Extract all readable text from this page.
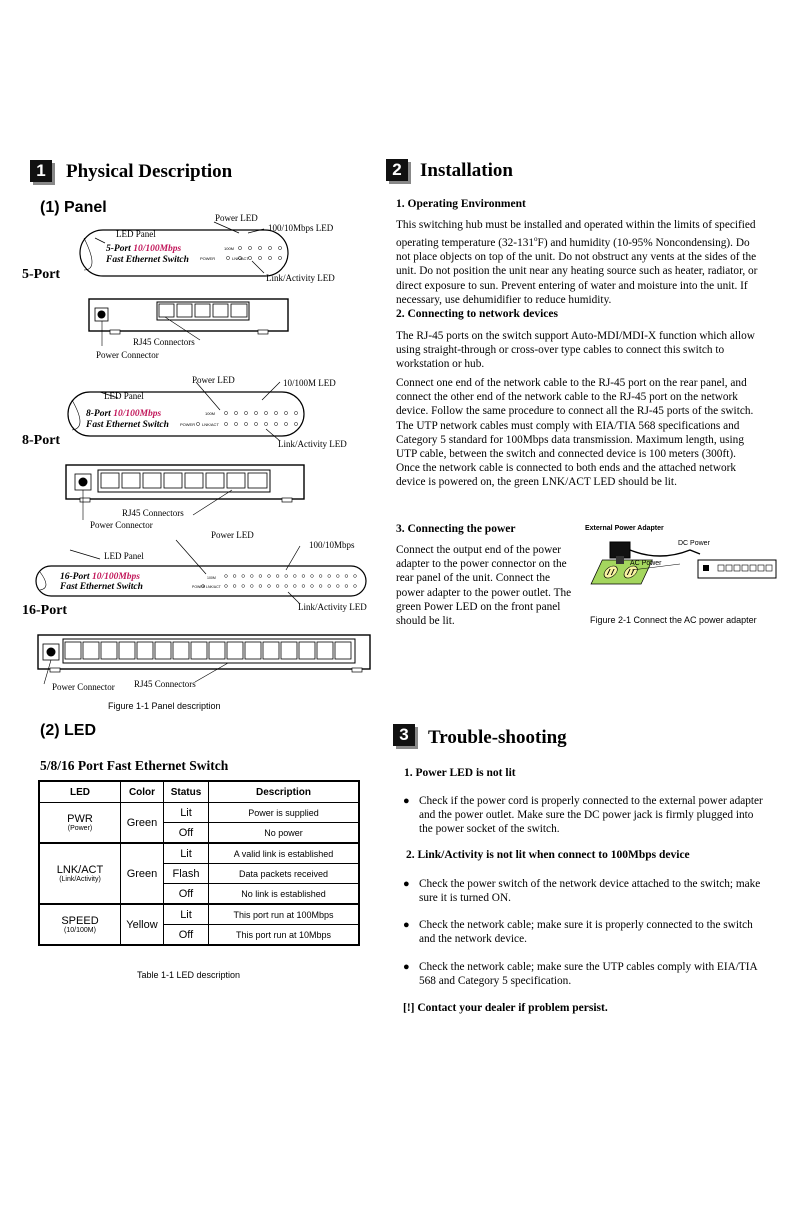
1	Physical Description
(1) Panel
100M
POWER	LNK/ACT
Power LED
LED Panel
100/10Mbps LED
5-Port 10/100Mbps
Fast Ethernet Switch
Link/Activity LED
5-Port
RJ45 Connectors
Power Connector
100M
POWER LNK/ACT
Power LED	10/100M LED
LED Panel
8-Port 10/100Mbps
Fast Ethernet Switch
8-Port	Link/Activity LED
RJ45 Connectors
Power Connector
100M
POWER LNK/ACT
Power LED
100/10Mbps
LED Panel
16-Port 10/100Mbps
Fast Ethernet Switch
16-Port	Link/Activity LED
Power Connector RJ45 Connectors
Figure 1-1 Panel description
(2) LED
5/8/16 Port Fast Ethernet Switch
LED	Color	Status	Description

PWR
(Power)	Green	Lit	Power is supplied
		Off	No power

LNK/ACT
(Link/Activity)	Green	Lit	A valid link is established
		Flash	Data packets received
		Off	No link is established

SPEED
(10/100M)	Yellow	Lit	This port run at 100Mbps
		Off	This port run at 10Mbps
Table 1-1 LED description
2 Installation
1. Operating Environment
This switching hub must be installed and operated within the limits of specified operating temperature (32-131$^o$F) and humidity (10-95% Noncondensing). Do not place objects on top of the unit. Do not obstruct any vents at the sides of the unit. Do not position the unit near any heating source such as heater, radiator, or direct exposure to sun. Prevent entering of water and moisture into the unit. If necessary, use dehumidifier to reduce humidity.
2. Connecting to network devices
The RJ-45 ports on the switch support Auto-MDI/MDI-X function which allow using straight-through or cross-over type cables to connect this switch to workstation or hub.
Connect one end of the network cable to the RJ-45 port on the rear panel, and connect the other end of the network cable to the RJ-45 port on the network device. Follow the same procedure to connect all the RJ-45 ports of the switch. The UTP network cables must comply with EIA/TIA 568 specifications and Category 5 standard for 100Mbps data transmission. Maximum length, using UTP cable, between the switch and connected device is 100 meters (300ft). Once the network cable is connected to both ends and the attached network device is powered on, the green LNK/ACT LED should be lit.
3. Connecting the power
Connect the output end of the power adapter to the power connector on the rear panel of the unit. Connect the power adapter to the power outlet. The green Power LED on the front panel should be lit.
External Power Adapter
DC Power
AC Power
Figure 2-1 Connect the AC power adapter
3	Trouble-shooting
1. Power LED is not lit
● Check if the power cord is properly connected to the external power adapter and the power outlet. Make sure the DC power jack is firmly plugged into the power socket of the switch.
2. Link/Activity is not lit when connect to 100Mbps device
● Check the power switch of the network device attached to the switch; make sure it is turned ON.
● Check the network cable; make sure it is properly connected to the switch and the network device.
● Check the network cable; make sure the UTP cables comply with EIA/TIA 568 and Category 5 specification.
[!] Contact your dealer if problem persist.
